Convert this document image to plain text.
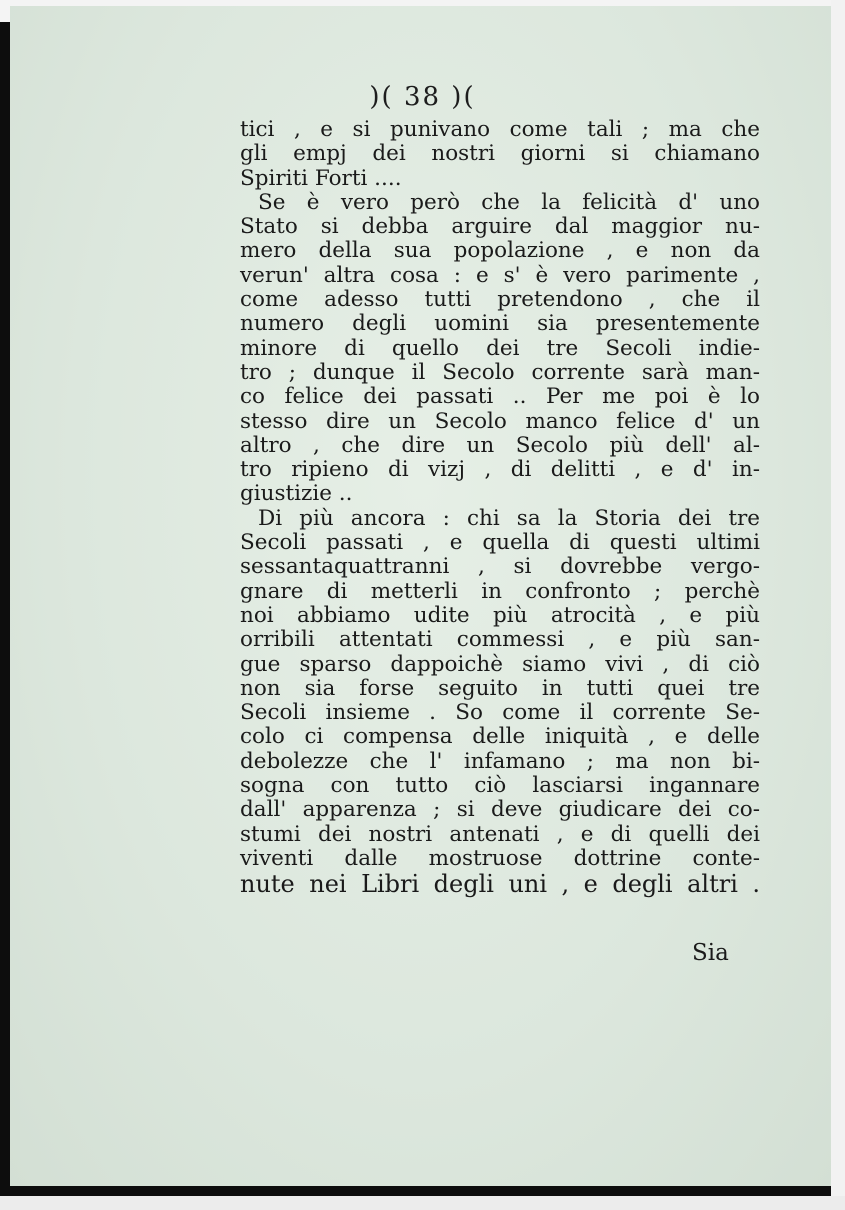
)( 38 )(
tici , e si punivano come tali ; ma che
gli empj dei nostri giorni si chiamano
Spiriti Forti ....
Se è vero però che la felicità d' uno
Stato si debba arguire dal maggior nu-
mero della sua popolazione , e non da
verun' altra cosa : e s' è vero parimente ,
come adesso tutti pretendono , che il
numero degli uomini sia presentemente
minore di quello dei tre Secoli indie-
tro ; dunque il Secolo corrente sarà man-
co felice dei passati .. Per me poi è lo
stesso dire un Secolo manco felice d' un
altro , che dire un Secolo più dell' al-
tro ripieno di vizj , di delitti , e d' in-
giustizie ..
Di più ancora : chi sa la Storia dei tre
Secoli passati , e quella di questi ultimi
sessantaquattranni , si dovrebbe vergo-
gnare di metterli in confronto ; perchè
noi abbiamo udite più atrocità , e più
orribili attentati commessi , e più san-
gue sparso dappoichè siamo vivi , di ciò
non sia forse seguito in tutti quei tre
Secoli insieme . So come il corrente Se-
colo ci compensa delle iniquità , e delle
debolezze che l' infamano ; ma non bi-
sogna con tutto ciò lasciarsi ingannare
dall' apparenza ; si deve giudicare dei co-
stumi dei nostri antenati , e di quelli dei
viventi dalle mostruose dottrine conte-
nute nei Libri degli uni , e degli altri .
Sia
